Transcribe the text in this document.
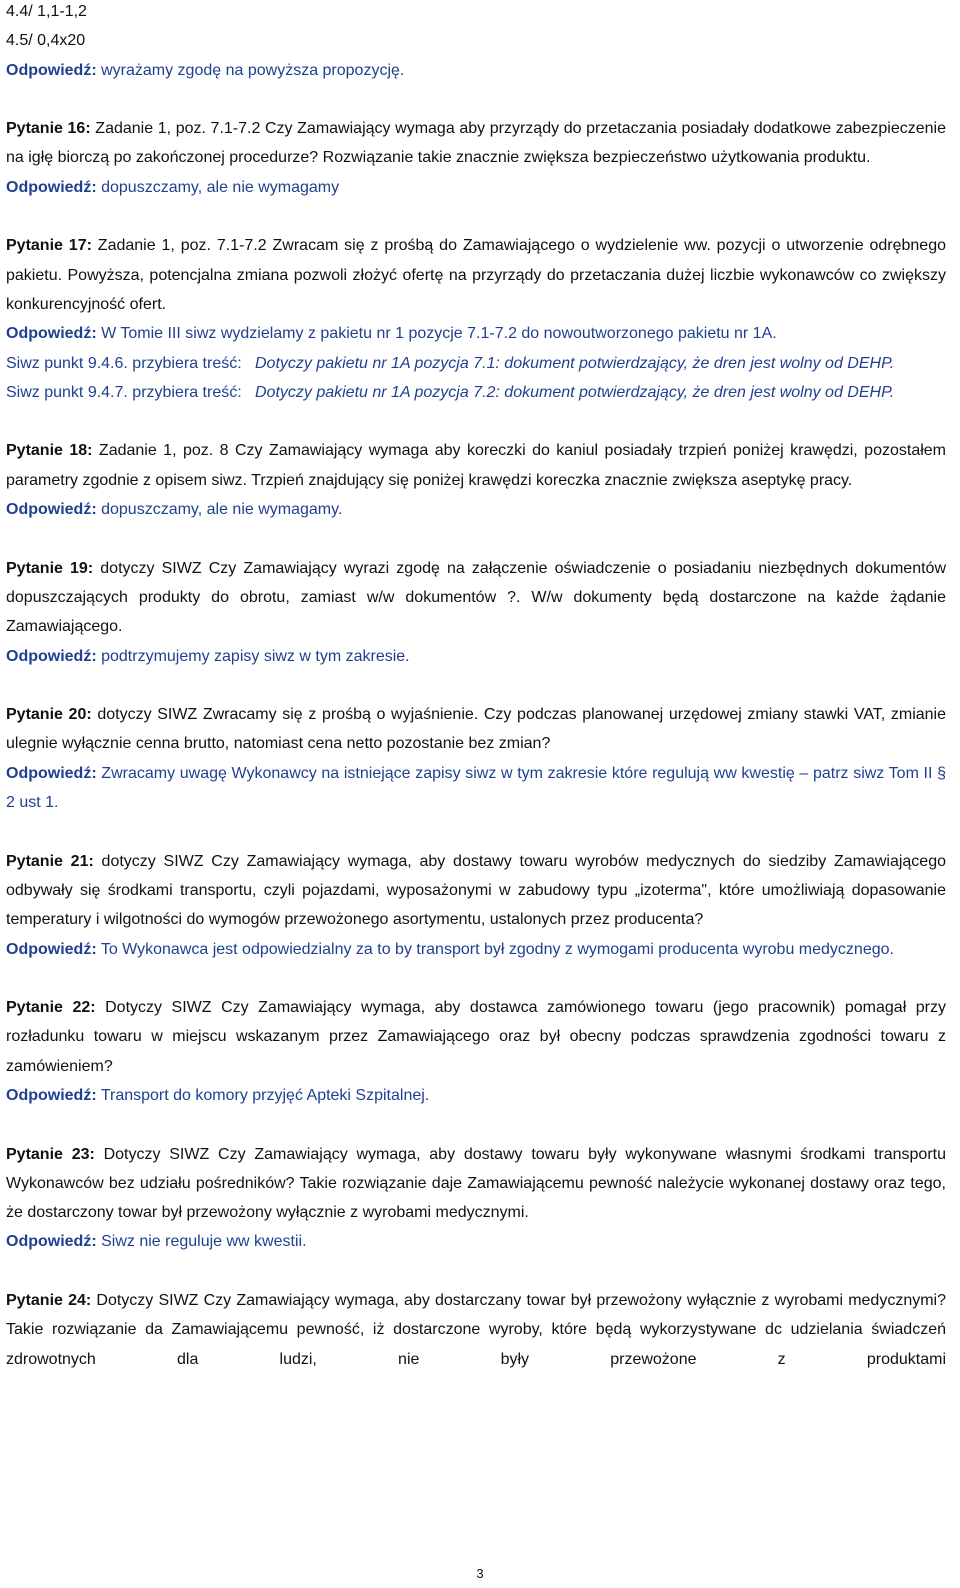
4.4/ 1,1-1,2

4.5/ 0,4x20

Odpowiedź: wyrażamy zgodę na powyższa propozycję.

Pytanie 16: Zadanie 1, poz. 7.1-7.2 Czy Zamawiający wymaga aby przyrządy do przetaczania posiadały dodatkowe zabezpieczenie na igłę biorczą po zakończonej procedurze? Rozwiązanie takie znacznie zwiększa bezpieczeństwo użytkowania produktu.

Odpowiedź: dopuszczamy, ale nie wymagamy

Pytanie 17: Zadanie 1, poz. 7.1-7.2 Zwracam się z prośbą do Zamawiającego o wydzielenie ww. pozycji o utworzenie odrębnego pakietu. Powyższa, potencjalna zmiana pozwoli złożyć ofertę na przyrządy do przetaczania dużej liczbie wykonawców co zwiększy konkurencyjność ofert.

Odpowiedź: W Tomie III siwz wydzielamy z pakietu nr 1 pozycje 7.1-7.2 do nowoutworzonego pakietu nr 1A.

Siwz punkt 9.4.6. przybiera treść: Dotyczy pakietu nr 1A pozycja 7.1: dokument potwierdzający, że dren jest wolny od DEHP.

Siwz punkt 9.4.7. przybiera treść: Dotyczy pakietu nr 1A pozycja 7.2: dokument potwierdzający, że dren jest wolny od DEHP.

Pytanie 18: Zadanie 1, poz. 8 Czy Zamawiający wymaga aby koreczki do kaniul posiadały trzpień poniżej krawędzi, pozostałem parametry zgodnie z opisem siwz. Trzpień znajdujący się poniżej krawędzi koreczka znacznie zwiększa aseptykę pracy.

Odpowiedź: dopuszczamy, ale nie wymagamy.

Pytanie 19: dotyczy SIWZ Czy Zamawiający wyrazi zgodę na załączenie oświadczenie o posiadaniu niezbędnych dokumentów dopuszczających produkty do obrotu, zamiast w/w dokumentów ?. W/w dokumenty będą dostarczone na każde żądanie Zamawiającego.

Odpowiedź: podtrzymujemy zapisy siwz w tym zakresie.

Pytanie 20: dotyczy SIWZ Zwracamy się z prośbą o wyjaśnienie. Czy podczas planowanej urzędowej zmiany stawki VAT, zmianie ulegnie wyłącznie cenna brutto, natomiast cena netto pozostanie bez zmian?

Odpowiedź: Zwracamy uwagę Wykonawcy na istniejące zapisy siwz w tym zakresie które regulują ww kwestię – patrz siwz Tom II § 2 ust 1.

Pytanie 21: dotyczy SIWZ Czy Zamawiający wymaga, aby dostawy towaru wyrobów medycznych do siedziby Zamawiającego odbywały się środkami transportu, czyli pojazdami, wyposażonymi w zabudowy typu „izoterma", które umożliwiają dopasowanie temperatury i wilgotności do wymogów przewożonego asortymentu, ustalonych przez producenta?

Odpowiedź: To Wykonawca jest odpowiedzialny za to by transport był zgodny z wymogami producenta wyrobu medycznego.

Pytanie 22: Dotyczy SIWZ Czy Zamawiający wymaga, aby dostawca zamówionego towaru (jego pracownik) pomagał przy rozładunku towaru w miejscu wskazanym przez Zamawiającego oraz był obecny podczas sprawdzenia zgodności towaru z zamówieniem?

Odpowiedź: Transport do komory przyjęć Apteki Szpitalnej.

Pytanie 23: Dotyczy SIWZ Czy Zamawiający wymaga, aby dostawy towaru były wykonywane własnymi środkami transportu Wykonawców bez udziału pośredników? Takie rozwiązanie daje Zamawiającemu pewność należycie wykonanej dostawy oraz tego, że dostarczony towar był przewożony wyłącznie z wyrobami medycznymi.

Odpowiedź: Siwz nie reguluje ww kwestii.

Pytanie 24: Dotyczy SIWZ Czy Zamawiający wymaga, aby dostarczany towar był przewożony wyłącznie z wyrobami medycznymi? Takie rozwiązanie da Zamawiającemu pewność, iż dostarczone wyroby, które będą wykorzystywane dc udzielania świadczeń zdrowotnych dla ludzi, nie były przewożone z produktami

3
